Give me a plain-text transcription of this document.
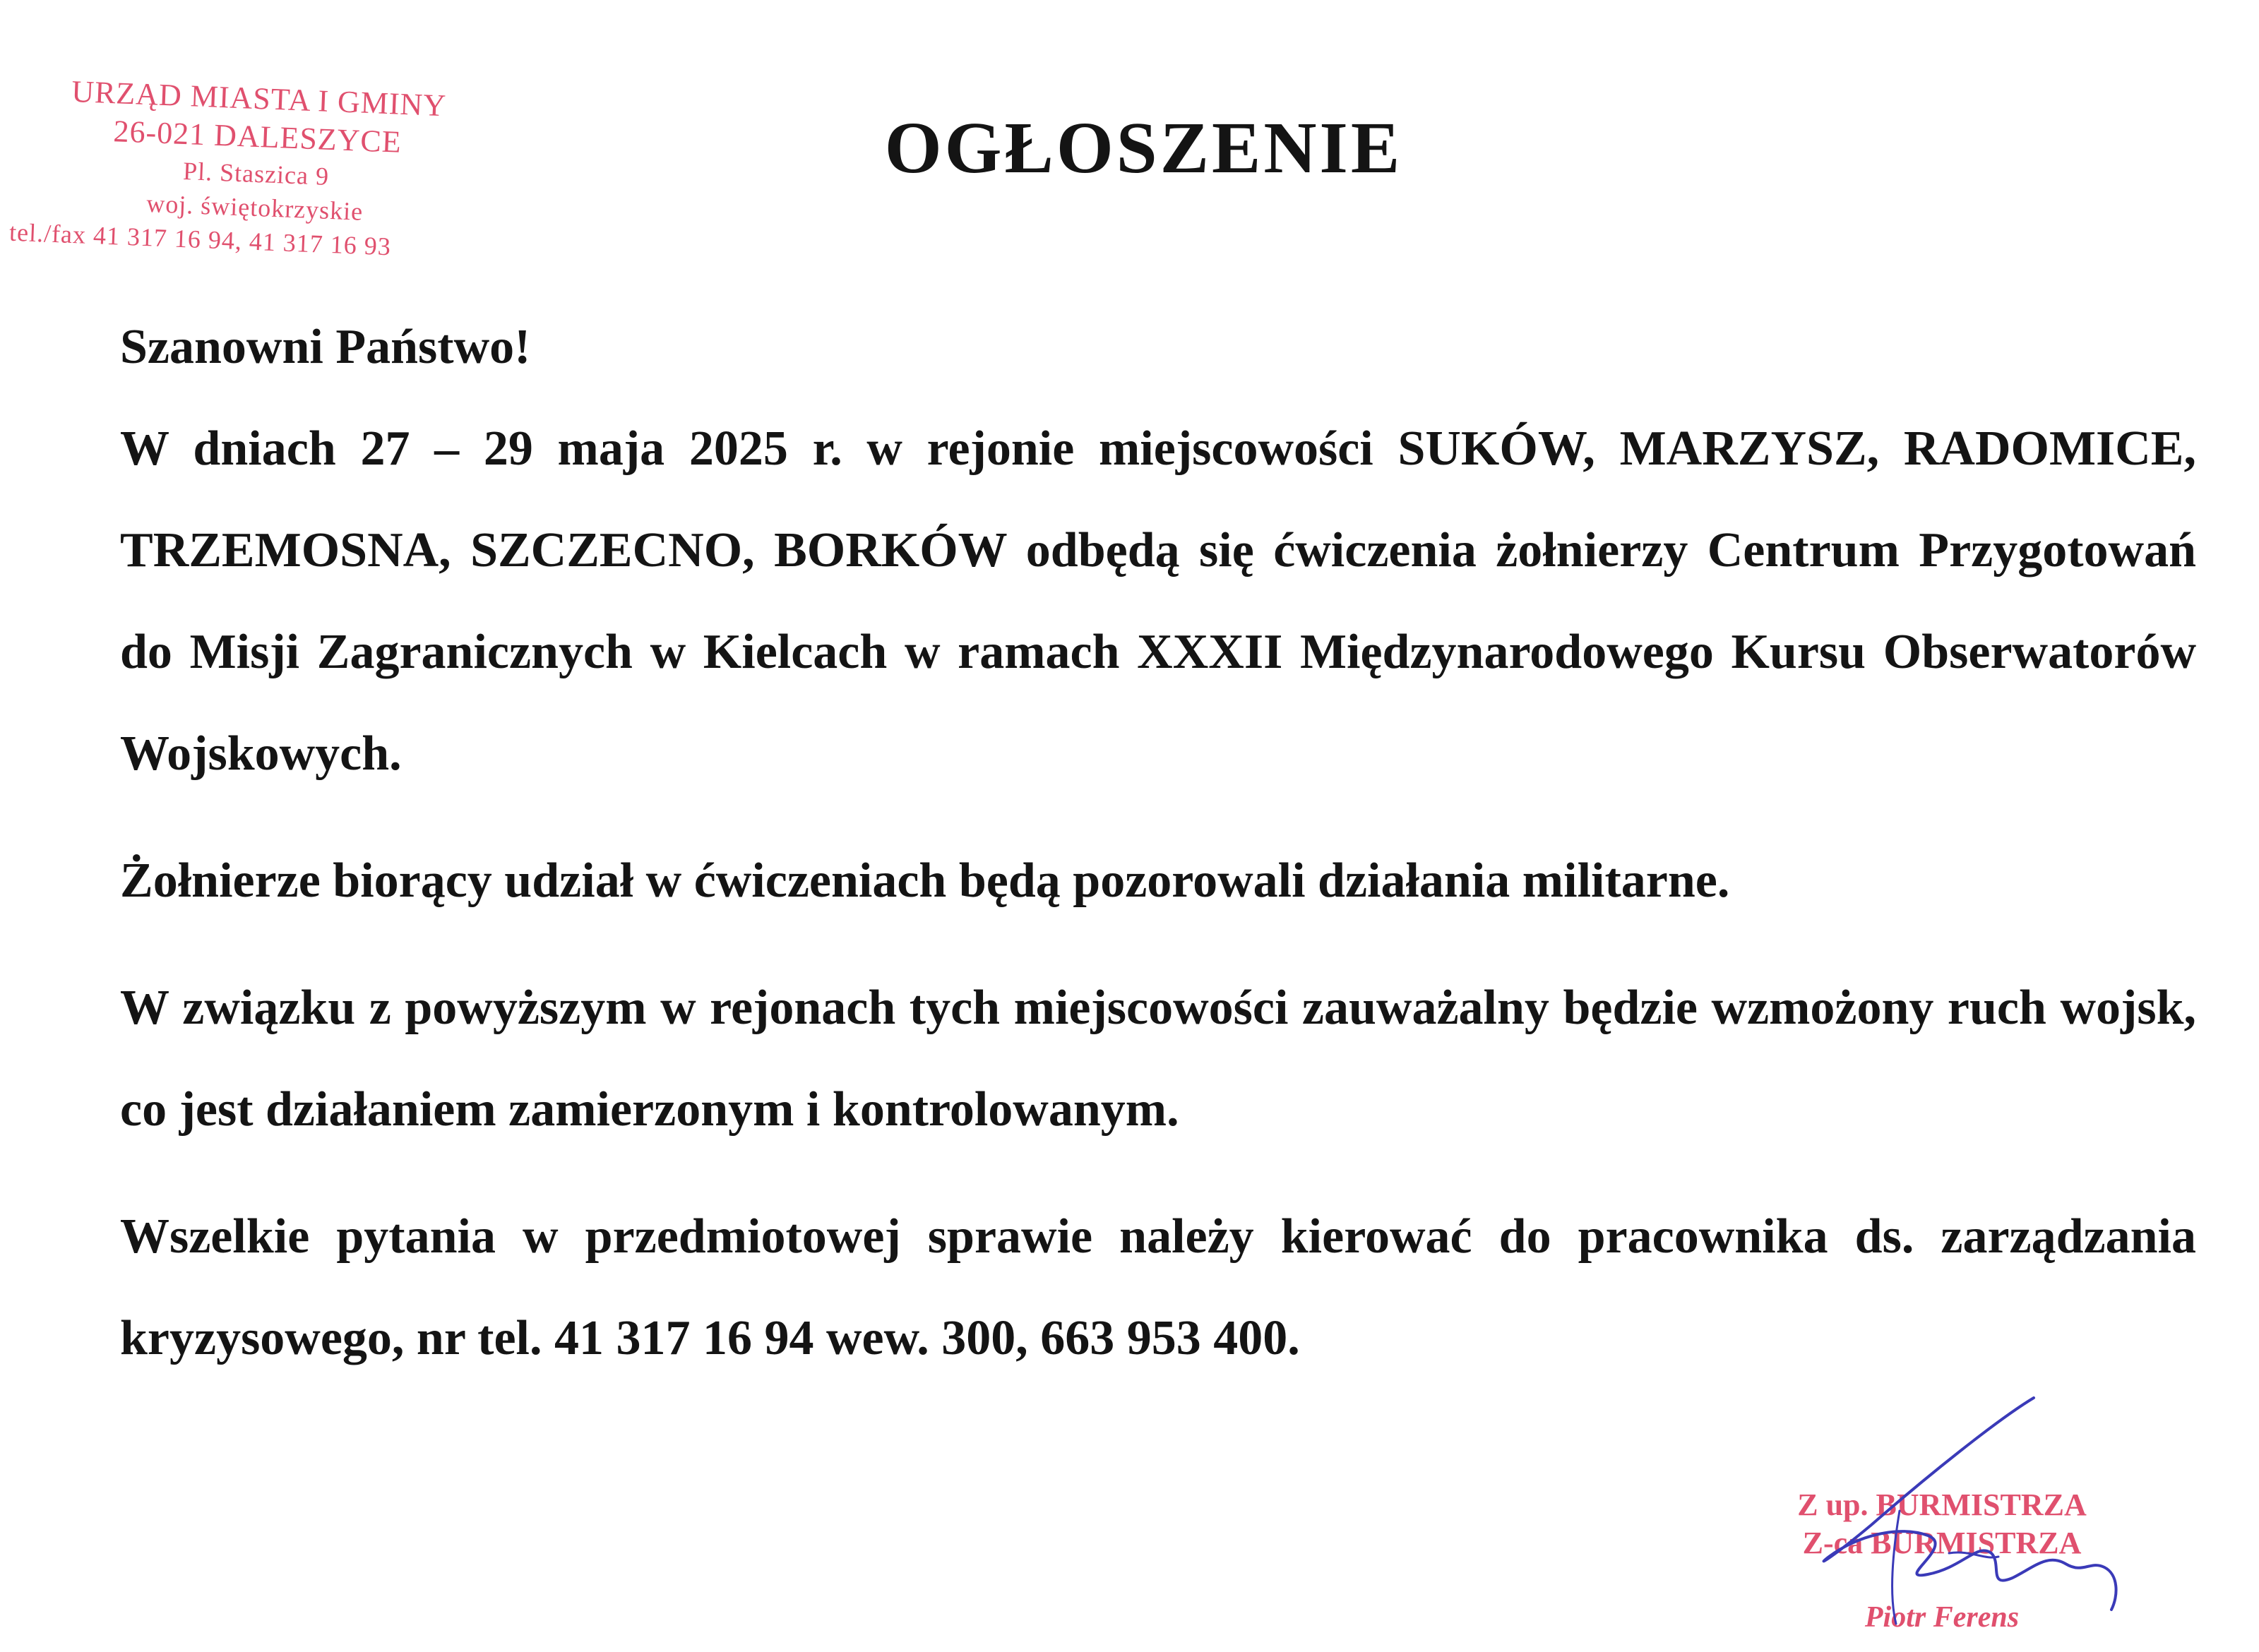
URZĄD MIASTA I GMINY
26-021 DALESZYCE
Pl. Staszica 9
woj. świętokrzyskie
tel./fax 41 317 16 94, 41 317 16 93
OGŁOSZENIE

Szanowni Państwo!

W dniach 27 – 29 maja 2025 r. w rejonie miejscowości SUKÓW, MARZYSZ, RADOMICE, TRZEMOSNA, SZCZECNO, BORKÓW odbędą się ćwiczenia żołnierzy Centrum Przygotowań do Misji Zagranicznych w Kielcach w ramach XXXII Międzynarodowego Kursu Obserwatorów Wojskowych.

Żołnierze biorący udział w ćwiczeniach będą pozorowali działania militarne.

W związku z powyższym w rejonach tych miejscowości zauważalny będzie wzmożony ruch wojsk, co jest działaniem zamierzonym i kontrolowanym.

Wszelkie pytania w przedmiotowej sprawie należy kierować do pracownika ds. zarządzania kryzysowego, nr tel. 41 317 16 94 wew. 300, 663 953 400.

Z up. BURMISTRZA
Z-ca BURMISTRZA
Piotr Ferens
